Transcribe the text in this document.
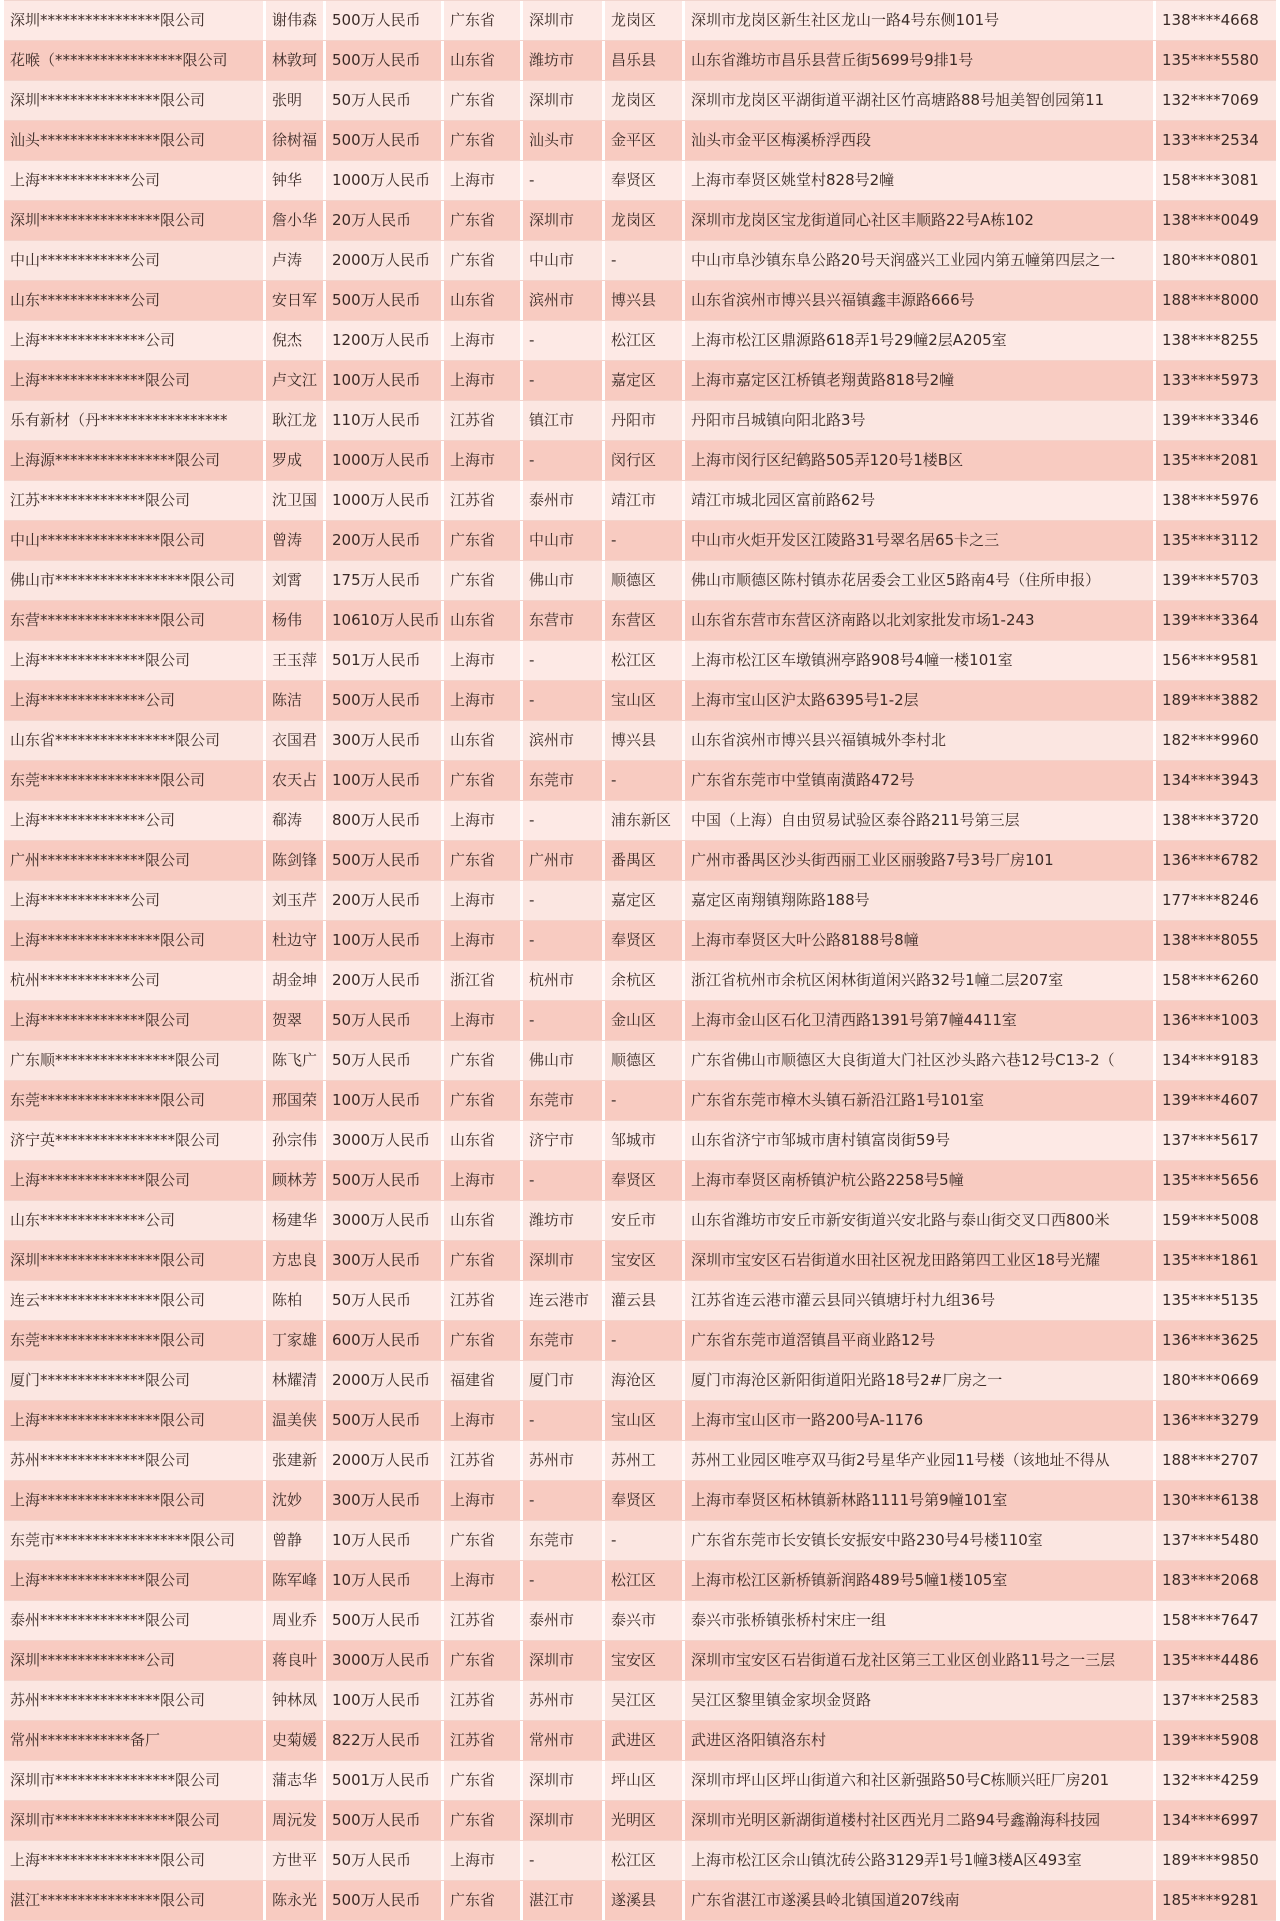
深圳****************限公司	谢伟森 500万人民币	广东省	深圳市	龙岗区	深圳市龙岗区新生社区龙山一路4号东侧101号	138****4668
花喉（*****************限公司	林敦珂 500万人民币	山东省	潍坊市	昌乐县	山东省潍坊市昌乐县营丘街5699号9排1号	135****5580
深圳****************限公司	张明	50万人民币	广东省	深圳市	龙岗区	深圳市龙岗区平湖街道平湖社区竹高塘路88号旭美智创园第11	132****7069
汕头****************限公司	徐树福 500万人民币	广东省	汕头市	金平区	汕头市金平区梅溪桥浮西段	133****2534
上海************公司	钟华	1000万人民币	上海市	-	奉贤区	上海市奉贤区姚堂村828号2幢	158****3081
深圳****************限公司	詹小华 20万人民币	广东省	深圳市	龙岗区	深圳市龙岗区宝龙街道同心社区丰顺路22号A栋102	138****0049
中山************公司	卢涛	2000万人民币	广东省	中山市	-	中山市阜沙镇东阜公路20号天润盛兴工业园内第五幢第四层之一	180****0801
山东************公司	安日军 500万人民币	山东省	滨州市	博兴县	山东省滨州市博兴县兴福镇鑫丰源路666号	188****8000
上海**************公司	倪杰	1200万人民币	上海市	-	松江区	上海市松江区鼎源路618弄1号29幢2层A205室	138****8255
上海**************限公司	卢文江 100万人民币	上海市	-	嘉定区	上海市嘉定区江桥镇老翔黄路818号2幢	133****5973
乐有新材（丹*****************	耿江龙 110万人民币	江苏省	镇江市	丹阳市	丹阳市吕城镇向阳北路3号	139****3346
上海源****************限公司	罗成	1000万人民币	上海市	-	闵行区	上海市闵行区纪鹤路505弄120号1楼B区	135****2081
江苏**************限公司	沈卫国 1000万人民币	江苏省	泰州市	靖江市	靖江市城北园区富前路62号	138****5976
中山****************限公司	曾涛	200万人民币	广东省	中山市	-	中山市火炬开发区江陵路31号翠名居65卡之三	135****3112
佛山市******************限公司	刘霄	175万人民币	广东省	佛山市	顺德区	佛山市顺德区陈村镇赤花居委会工业区5路南4号（住所申报）	139****5703
东营****************限公司	杨伟	10610万人民币 山东省	东营市	东营区	山东省东营市东营区济南路以北刘家批发市场1-243	139****3364
上海**************限公司	王玉萍 501万人民币	上海市	-	松江区	上海市松江区车墩镇洲亭路908号4幢一楼101室	156****9581
上海**************公司	陈洁	500万人民币	上海市	-	宝山区	上海市宝山区沪太路6395号1-2层	189****3882
山东省****************限公司	衣国君 300万人民币	山东省	滨州市	博兴县	山东省滨州市博兴县兴福镇城外李村北	182****9960
东莞****************限公司	农天占 100万人民币	广东省	东莞市	-	广东省东莞市中堂镇南潢路472号	134****3943
上海**************公司	郗涛	800万人民币	上海市	-	浦东新区	中国（上海）自由贸易试验区泰谷路211号第三层	138****3720
广州**************限公司	陈剑锋 500万人民币	广东省	广州市	番禺区	广州市番禺区沙头街西丽工业区丽骏路7号3号厂房101	136****6782
上海************公司	刘玉芹 200万人民币	上海市	-	嘉定区	嘉定区南翔镇翔陈路188号	177****8246
上海****************限公司	杜边守 100万人民币	上海市	-	奉贤区	上海市奉贤区大叶公路8188号8幢	138****8055
杭州************公司	胡金坤 200万人民币	浙江省	杭州市	余杭区	浙江省杭州市余杭区闲林街道闲兴路32号1幢二层207室	158****6260
上海**************限公司	贺翠	50万人民币	上海市	-	金山区	上海市金山区石化卫清西路1391号第7幢4411室	136****1003
广东顺****************限公司	陈飞广 50万人民币	广东省	佛山市	顺德区	广东省佛山市顺德区大良街道大门社区沙头路六巷12号C13-2（	134****9183
东莞****************限公司	邢国荣 100万人民币	广东省	东莞市	-	广东省东莞市樟木头镇石新沿江路1号101室	139****4607
济宁英****************限公司	孙宗伟 3000万人民币	山东省	济宁市	邹城市	山东省济宁市邹城市唐村镇富岗街59号	137****5617
上海**************限公司	顾林芳 500万人民币	上海市	-	奉贤区	上海市奉贤区南桥镇沪杭公路2258号5幢	135****5656
山东**************公司	杨建华 3000万人民币	山东省	潍坊市	安丘市	山东省潍坊市安丘市新安街道兴安北路与泰山街交叉口西800米	159****5008
深圳****************限公司	方忠良 300万人民币	广东省	深圳市	宝安区	深圳市宝安区石岩街道水田社区祝龙田路第四工业区18号光耀	135****1861
连云****************限公司	陈柏	50万人民币	江苏省	连云港市	灌云县	江苏省连云港市灌云县同兴镇塘圩村九组36号	135****5135
东莞****************限公司	丁家雄 600万人民币	广东省	东莞市	-	广东省东莞市道滘镇昌平商业路12号	136****3625
厦门**************限公司	林耀清 2000万人民币	福建省	厦门市	海沧区	厦门市海沧区新阳街道阳光路18号2#厂房之一	180****0669
上海****************限公司	温美侠 500万人民币	上海市	-	宝山区	上海市宝山区市一路200号A-1176	136****3279
苏州**************限公司	张建新 2000万人民币	江苏省	苏州市	苏州工	苏州工业园区唯亭双马街2号星华产业园11号楼（该地址不得从	188****2707
上海****************限公司	沈妙	300万人民币	上海市	-	奉贤区	上海市奉贤区柘林镇新林路1111号第9幢101室	130****6138
东莞市******************限公司	曾静	10万人民币	广东省	东莞市	-	广东省东莞市长安镇长安振安中路230号4号楼110室	137****5480
上海**************限公司	陈军峰 10万人民币	上海市	-	松江区	上海市松江区新桥镇新润路489号5幢1楼105室	183****2068
泰州**************限公司	周业乔 500万人民币	江苏省	泰州市	泰兴市	泰兴市张桥镇张桥村宋庄一组	158****7647
深圳**************公司	蒋良叶 3000万人民币	广东省	深圳市	宝安区	深圳市宝安区石岩街道石龙社区第三工业区创业路11号之一三层	135****4486
苏州****************限公司	钟林凤 100万人民币	江苏省	苏州市	吴江区	吴江区黎里镇金家坝金贤路	137****2583
常州************备厂	史菊媛 822万人民币	江苏省	常州市	武进区	武进区洛阳镇洛东村	139****5908
深圳市****************限公司	蒲志华 5001万人民币	广东省	深圳市	坪山区	深圳市坪山区坪山街道六和社区新强路50号C栋顺兴旺厂房201	132****4259
深圳市****************限公司	周沅发 500万人民币	广东省	深圳市	光明区	深圳市光明区新湖街道楼村社区西光月二路94号鑫瀚海科技园	134****6997
上海****************限公司	方世平 50万人民币	上海市	-	松江区	上海市松江区佘山镇沈砖公路3129弄1号1幢3楼A区493室	189****9850
湛江****************限公司	陈永光 500万人民币	广东省	湛江市	遂溪县	广东省湛江市遂溪县岭北镇国道207线南	185****9281
